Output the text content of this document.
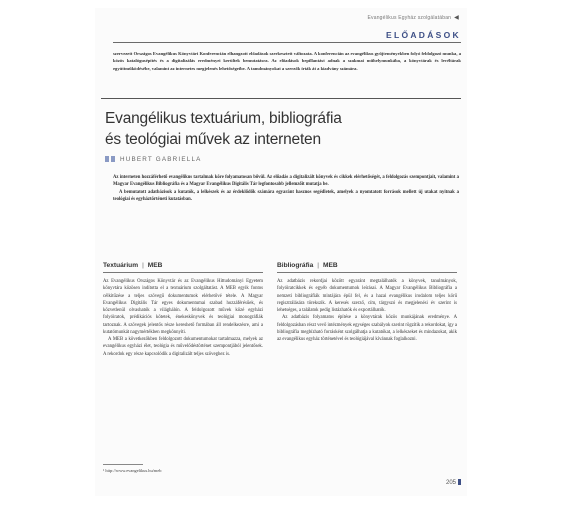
Evangélikus Egyház szolgálatában ◀
ELŐADÁSOK
szervezett Országos Evangélikus Könyvtári Konferencián elhangzott előadások szerkesztett változata. A konferencián az evangélikus gyűjteményekben folyó feldolgozó munka, a közös katalógusépítés és a digitalizálás eredményei kerültek bemutatásra. Az előadások bepillantást adnak a szakmai műhelymunkába, a könyvtárak és levéltárak együttműködésébe, valamint az internetes megjelenés lehetőségeibe. A tanulmányokat a szerzők írták át a kiadvány számára.
Evangélikus textuárium, bibliográfia
és teológiai művek az interneten
HUBERT GABRIELLA

Az interneten hozzáférhető evangélikus tartalmak köre folyamatosan bővül. Az előadás a digitalizált könyvek és cikkek elérhetőségét, a feldolgozás szempontjait, valamint a Magyar Evangélikus Bibliográfia és a Magyar Evangélikus Digitális Tár legfontosabb jellemzőit mutatja be.

A bemutatott adatbázisok a kutatók, a lelkészek és az érdeklődők számára egyaránt hasznos segédletek, amelyek a nyomtatott források mellett új utakat nyitnak a teológiai és egyháztörténeti kutatásban.

Textuárium | MEB

Az Evangélikus Országos Könyvtár és az Evangélikus Hittudományi Egyetem könyvtára közösen indította el a textuárium szolgáltatást. A MEB egyik fontos célkitűzése a teljes szövegű dokumentumok elérhetővé tétele. A Magyar Evangélikus Digitális Tár egyes dokumentumai szabad hozzáférésűek, és közvetlenül olvashatók a világhálón. A feldolgozott művek közé egyházi folyóiratok, prédikációs kötetek, énekeskönyvek és teológiai monográfiák tartoznak. A szövegek jelentős része kereshető formában áll rendelkezésre, ami a kutatómunkát nagymértékben megkönnyíti.

A MEB a következőkben feldolgozott dokumentumokat tartalmazza, melyek az evangélikus egyházi élet, teológia és művelődéstörténet szempontjából jelentősek. A rekordok egy része kapcsolódik a digitalizált teljes szöveghez is.

Bibliográfia | MEB

Az adatbázis rekordjai között egyaránt megtalálhatók a könyvek, tanulmányok, folyóiratcikkek és egyéb dokumentumok leírásai. A Magyar Evangélikus Bibliográfia a nemzeti bibliográfiák mintájára épül fel, és a hazai evangélikus irodalom teljes körű regisztrálására törekszik. A keresés szerző, cím, tárgyszó és megjelenési év szerint is lehetséges, a találatok pedig listázhatók és exportálhatók.

Az adatbázis folyamatos építése a könyvtárak közös munkájának eredménye. A feldolgozásban részt vevő intézmények egységes szabályok szerint rögzítik a rekordokat, így a bibliográfia megbízható forrásként szolgálhatja a kutatókat, a lelkészeket és mindazokat, akik az evangélikus egyház történetével és teológiájával kívánnak foglalkozni.

¹ http://www.evangelikus.hu/meb
205
